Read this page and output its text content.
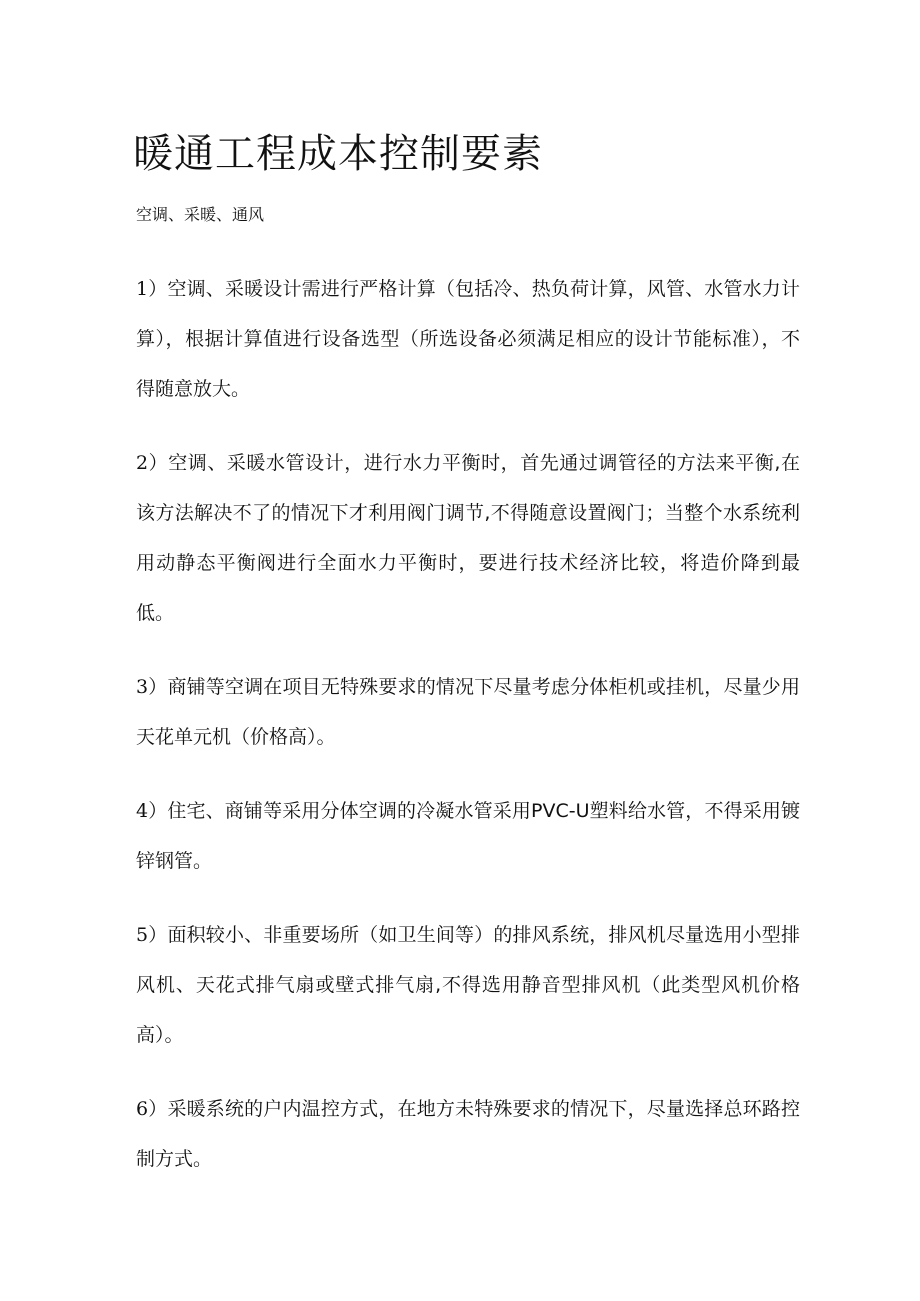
暖通工程成本控制要素

空调、采暖、通风

1）空调、采暖设计需进行严格计算（包括冷、热负荷计算，风管、水管水力计算），根据计算值进行设备选型（所选设备必须满足相应的设计节能标准），不得随意放大。
2）空调、采暖水管设计，进行水力平衡时，首先通过调管径的方法来平衡,在该方法解决不了的情况下才利用阀门调节,不得随意设置阀门；当整个水系统利用动静态平衡阀进行全面水力平衡时，要进行技术经济比较，将造价降到最低。
3）商铺等空调在项目无特殊要求的情况下尽量考虑分体柜机或挂机，尽量少用天花单元机（价格高）。
4）住宅、商铺等采用分体空调的冷凝水管采用PVC-U塑料给水管，不得采用镀锌钢管。
5）面积较小、非重要场所（如卫生间等）的排风系统，排风机尽量选用小型排风机、天花式排气扇或壁式排气扇,不得选用静音型排风机（此类型风机价格高）。
6）采暖系统的户内温控方式，在地方未特殊要求的情况下，尽量选择总环路控制方式。
